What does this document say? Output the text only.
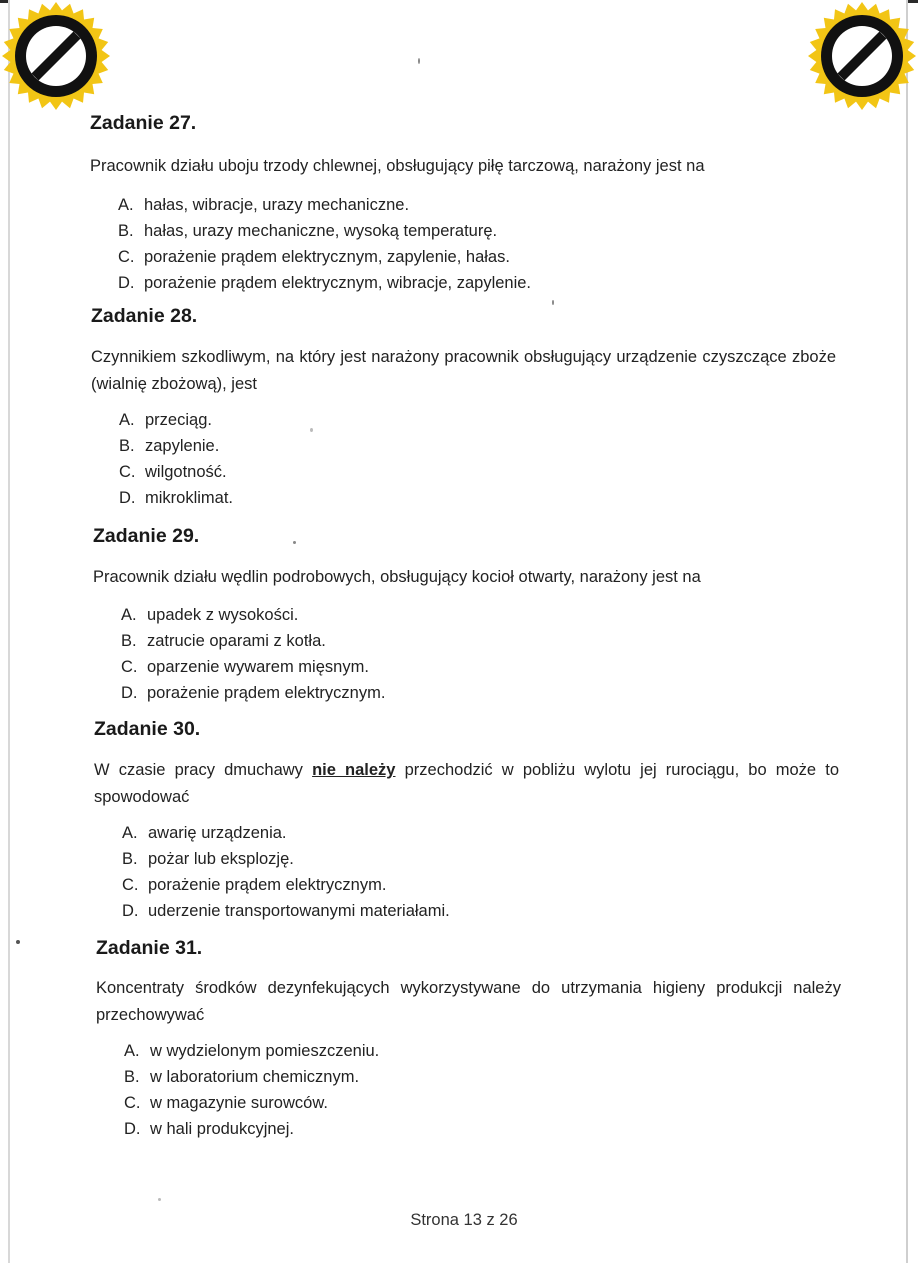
Zadanie 27.

Pracownik działu uboju trzody chlewnej, obsługujący piłę tarczową, narażony jest na

A. hałas, wibracje, urazy mechaniczne.
B. hałas, urazy mechaniczne, wysoką temperaturę.
C. porażenie prądem elektrycznym, zapylenie, hałas.
D. porażenie prądem elektrycznym, wibracje, zapylenie.
Zadanie 28.

Czynnikiem szkodliwym, na który jest narażony pracownik obsługujący urządzenie czyszczące zboże (wialnię zbożową), jest

A. przeciąg.
B. zapylenie.
C. wilgotność.
D. mikroklimat.
Zadanie 29.

Pracownik działu wędlin podrobowych, obsługujący kocioł otwarty, narażony jest na

A. upadek z wysokości.
B. zatrucie oparami z kotła.
C. oparzenie wywarem mięsnym.
D. porażenie prądem elektrycznym.
Zadanie 30.

W czasie pracy dmuchawy nie należy przechodzić w pobliżu wylotu jej rurociągu, bo może to spowodować

A. awarię urządzenia.
B. pożar lub eksplozję.
C. porażenie prądem elektrycznym.
D. uderzenie transportowanymi materiałami.
Zadanie 31.

Koncentraty środków dezynfekujących wykorzystywane do utrzymania higieny produkcji należy przechowywać

A. w wydzielonym pomieszczeniu.
B. w laboratorium chemicznym.
C. w magazynie surowców.
D. w hali produkcyjnej.
Strona 13 z 26
